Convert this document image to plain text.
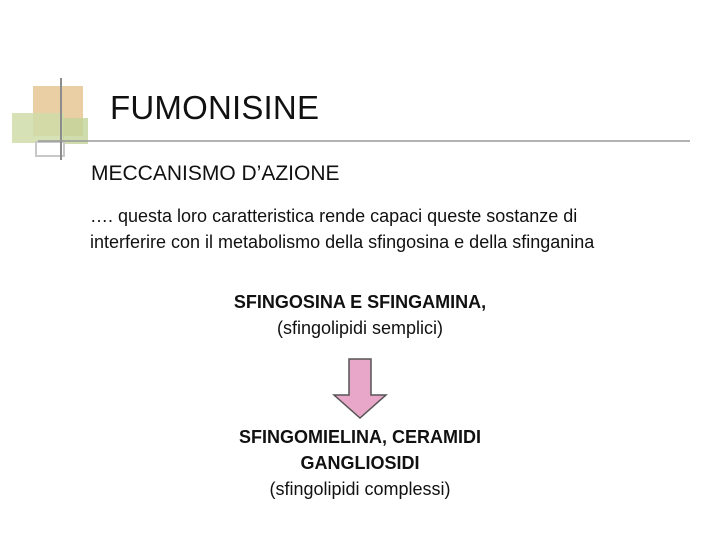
FUMONISINE
MECCANISMO D’AZIONE
…. questa loro caratteristica rende capaci queste sostanze di
interferire con il metabolismo della sfingosina e della sfinganina
SFINGOSINA E SFINGAMINA,
(sfingolipidi semplici)
SFINGOMIELINA, CERAMIDI
GANGLIOSIDI
(sfingolipidi complessi)
